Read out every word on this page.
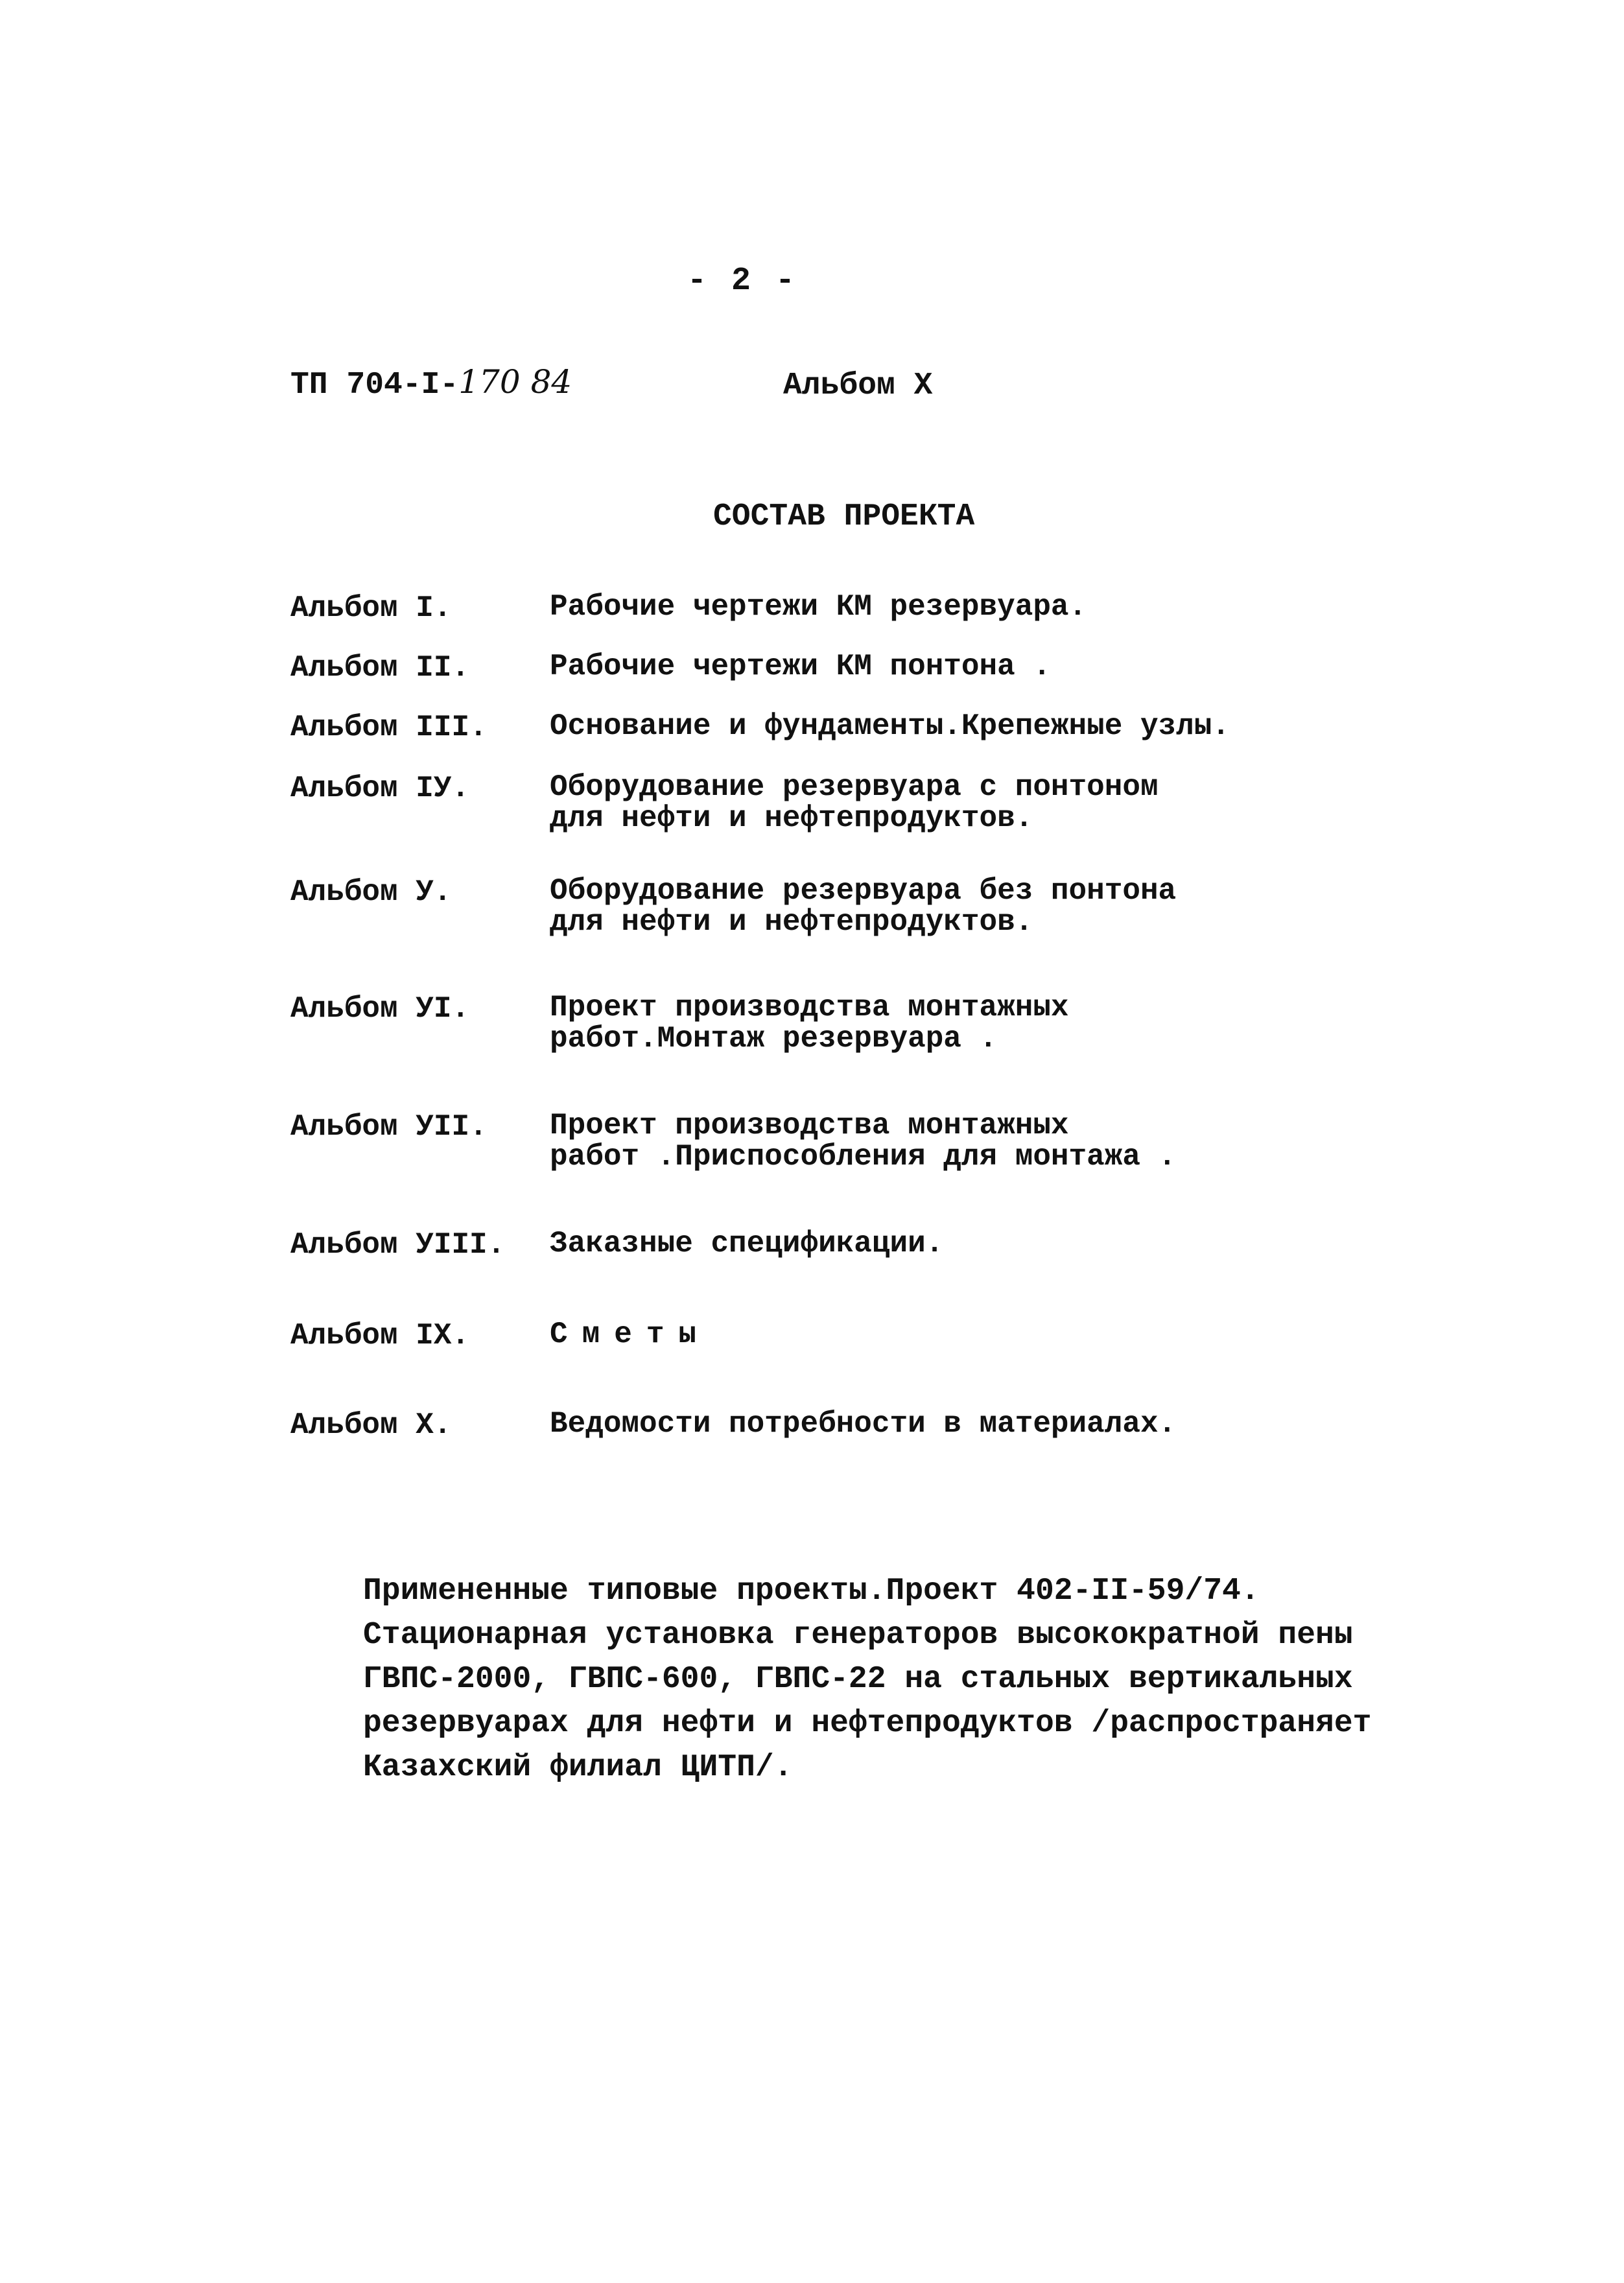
- 2 -
ТП 704-I-170 84	Альбом X
СОСТАВ ПРОЕКТА
Альбом I.	Рабочие чертежи КМ резервуара.
Альбом II.	Рабочие чертежи КМ понтона .
Альбом III. Основание и фундаменты.Крепежные узлы.
Альбом IУ.	Оборудование резервуара с понтоном
для нефти и нефтепродуктов.
Альбом У.	Оборудование резервуара без понтона
для нефти и нефтепродуктов.
Альбом УI.	Проект производства монтажных
работ.Монтаж резервуара .
Альбом УII. Проект производства монтажных
работ .Приспособления для монтажа .
Альбом УIII. Заказные спецификации.
Альбом IX.	Сметы
Альбом X.	Ведомости потребности в материалах.
Примененные типовые проекты.Проект 402-II-59/74.
Стационарная установка генераторов высокократной пены
ГВПС-2000, ГВПС-600, ГВПС-22 на стальных вертикальных
резервуарах для нефти и нефтепродуктов /распространяет
Казахский филиал ЦИТП/.
